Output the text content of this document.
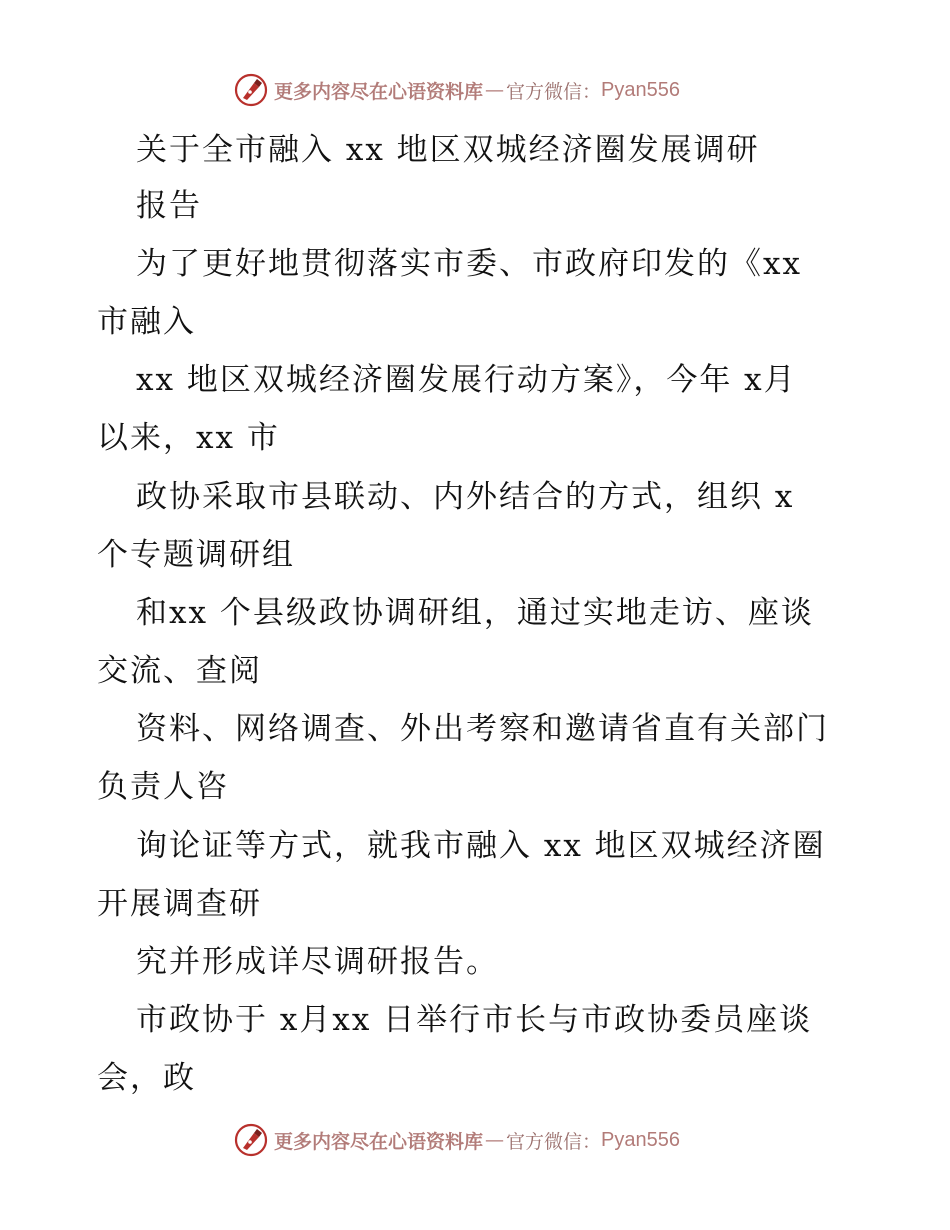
更多内容尽在心语资料库 — 官方微信： Pyan556
关于全市融入 xx 地区双城经济圈发展调研
报告
为了更好地贯彻落实市委、市政府印发的《xx
市融入
xx 地区双城经济圈发展行动方案》，今年 x月
以来，xx 市
政协采取市县联动、内外结合的方式，组织 x
个专题调研组
和xx 个县级政协调研组，通过实地走访、座谈
交流、查阅
资料、网络调查、外出考察和邀请省直有关部门
负责人咨
询论证等方式，就我市融入 xx 地区双城经济圈
开展调查研
究并形成详尽调研报告。
市政协于 x月xx 日举行市长与市政协委员座谈
会，政
更多内容尽在心语资料库 — 官方微信： Pyan556
